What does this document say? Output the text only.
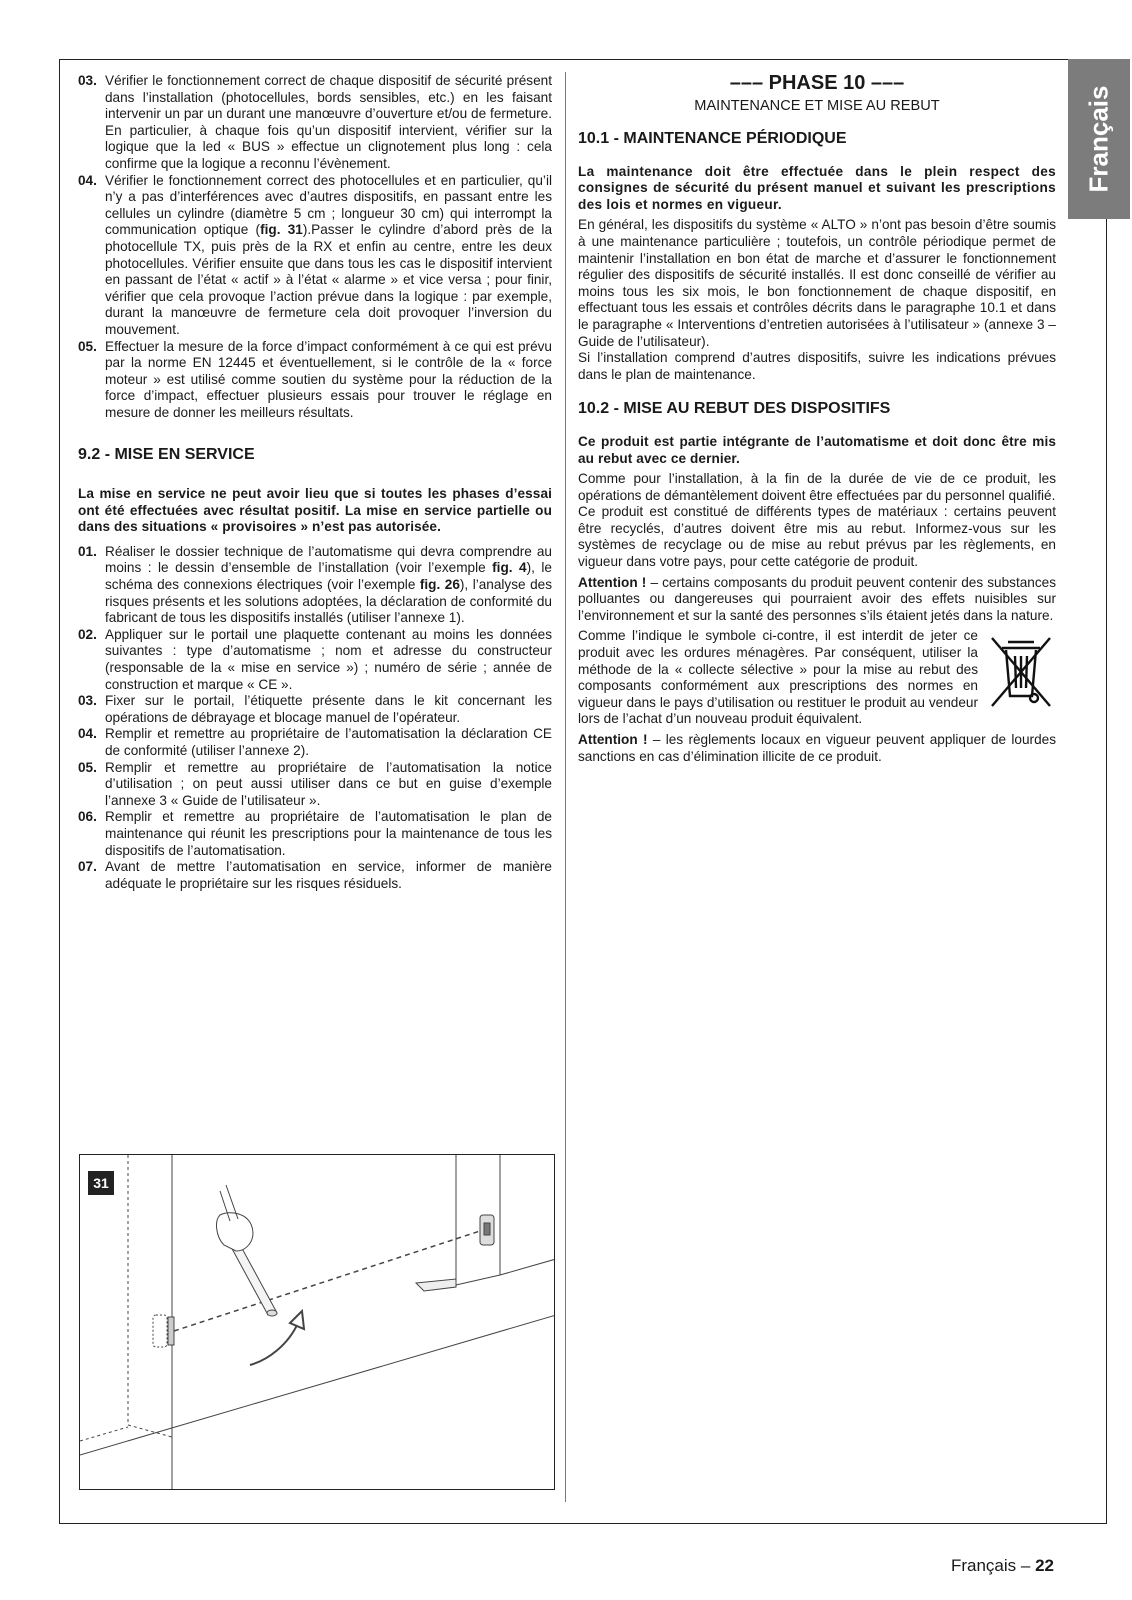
Français
03. Vérifier le fonctionnement correct de chaque dispositif de sécurité présent dans l’installation (photocellules, bords sensibles, etc.) en les faisant intervenir un par un durant une manœuvre d’ouverture et/ou de fermeture. En particulier, à chaque fois qu’un dispositif intervient, vérifier sur la logique que la led « BUS » effectue un clignotement plus long : cela confirme que la logique a reconnu l’évènement.
04. Vérifier le fonctionnement correct des photocellules et en particulier, qu’il n’y a pas d’interférences avec d’autres dispositifs, en passant entre les cellules un cylindre (diamètre 5 cm ; longueur 30 cm) qui interrompt la communication optique (fig. 31).Passer le cylindre d’abord près de la photocellule TX, puis près de la RX et enfin au centre, entre les deux photocellules. Vérifier ensuite que dans tous les cas le dispositif intervient en passant de l’état « actif » à l’état « alarme » et vice versa ; pour finir, vérifier que cela provoque l’action prévue dans la logique : par exemple, durant la manœuvre de fermeture cela doit provoquer l’inversion du mouvement.
05. Effectuer la mesure de la force d’impact conformément à ce qui est prévu par la norme EN 12445 et éventuellement, si le contrôle de la « force moteur » est utilisé comme soutien du système pour la réduction de la force d’impact, effectuer plusieurs essais pour trouver le réglage en mesure de donner les meilleurs résultats.
9.2 - MISE EN SERVICE

La mise en service ne peut avoir lieu que si toutes les phases d’essai ont été effectuées avec résultat positif. La mise en service partielle ou dans des situations « provisoires » n’est pas autorisée.

01. Réaliser le dossier technique de l’automatisme qui devra comprendre au moins : le dessin d’ensemble de l’installation (voir l’exemple fig. 4), le schéma des connexions électriques (voir l’exemple fig. 26), l’analyse des risques présents et les solutions adoptées, la déclaration de conformité du fabricant de tous les dispositifs installés (utiliser l’annexe 1).
02. Appliquer sur le portail une plaquette contenant au moins les données suivantes : type d’automatisme ; nom et adresse du constructeur (responsable de la « mise en service ») ; numéro de série ; année de construction et marque « CE ».
03. Fixer sur le portail, l’étiquette présente dans le kit concernant les opérations de débrayage et blocage manuel de l’opérateur.
04. Remplir et remettre au propriétaire de l’automatisation la déclaration CE de conformité (utiliser l’annexe 2).
05. Remplir et remettre au propriétaire de l’automatisation la notice d’utilisation ; on peut aussi utiliser dans ce but en guise d’exemple l’annexe 3 « Guide de l’utilisateur ».
06. Remplir et remettre au propriétaire de l’automatisation le plan de maintenance qui réunit les prescriptions pour la maintenance de tous les dispositifs de l’automatisation.
07. Avant de mettre l’automatisation en service, informer de manière adéquate le propriétaire sur les risques résiduels.
31
––– PHASE 10 –––
MAINTENANCE ET MISE AU REBUT
10.1 - MAINTENANCE PÉRIODIQUE

La maintenance doit être effectuée dans le plein respect des consignes de sécurité du présent manuel et suivant les prescriptions des lois et normes en vigueur.

En général, les dispositifs du système « ALTO » n’ont pas besoin d’être soumis à une maintenance particulière ; toutefois, un contrôle périodique permet de maintenir l’installation en bon état de marche et d’assurer le fonctionnement régulier des dispositifs de sécurité installés. Il est donc conseillé de vérifier au moins tous les six mois, le bon fonctionnement de chaque dispositif, en effectuant tous les essais et contrôles décrits dans le paragraphe 10.1 et dans le paragraphe « Interventions d’entretien autorisées à l’utilisateur » (annexe 3 – Guide de l’utilisateur).

Si l’installation comprend d’autres dispositifs, suivre les indications prévues dans le plan de maintenance.

10.2 - MISE AU REBUT DES DISPOSITIFS

Ce produit est partie intégrante de l’automatisme et doit donc être mis au rebut avec ce dernier.

Comme pour l’installation, à la fin de la durée de vie de ce produit, les opérations de démantèlement doivent être effectuées par du personnel qualifié.

Ce produit est constitué de différents types de matériaux : certains peuvent être recyclés, d’autres doivent être mis au rebut. Informez-vous sur les systèmes de recyclage ou de mise au rebut prévus par les règlements, en vigueur dans votre pays, pour cette catégorie de produit.

Attention ! – certains composants du produit peuvent contenir des substances polluantes ou dangereuses qui pourraient avoir des effets nuisibles sur l’environnement et sur la santé des personnes s’ils étaient jetés dans la nature.

Comme l’indique le symbole ci-contre, il est interdit de jeter ce produit avec les ordures ménagères. Par conséquent, utiliser la méthode de la « collecte sélective » pour la mise au rebut des composants conformément aux prescriptions des normes en vigueur dans le pays d’utilisation ou restituer le produit au vendeur lors de l’achat d’un nouveau produit équivalent.

Attention ! – les règlements locaux en vigueur peuvent appliquer de lourdes sanctions en cas d’élimination illicite de ce produit.

Français – 22
